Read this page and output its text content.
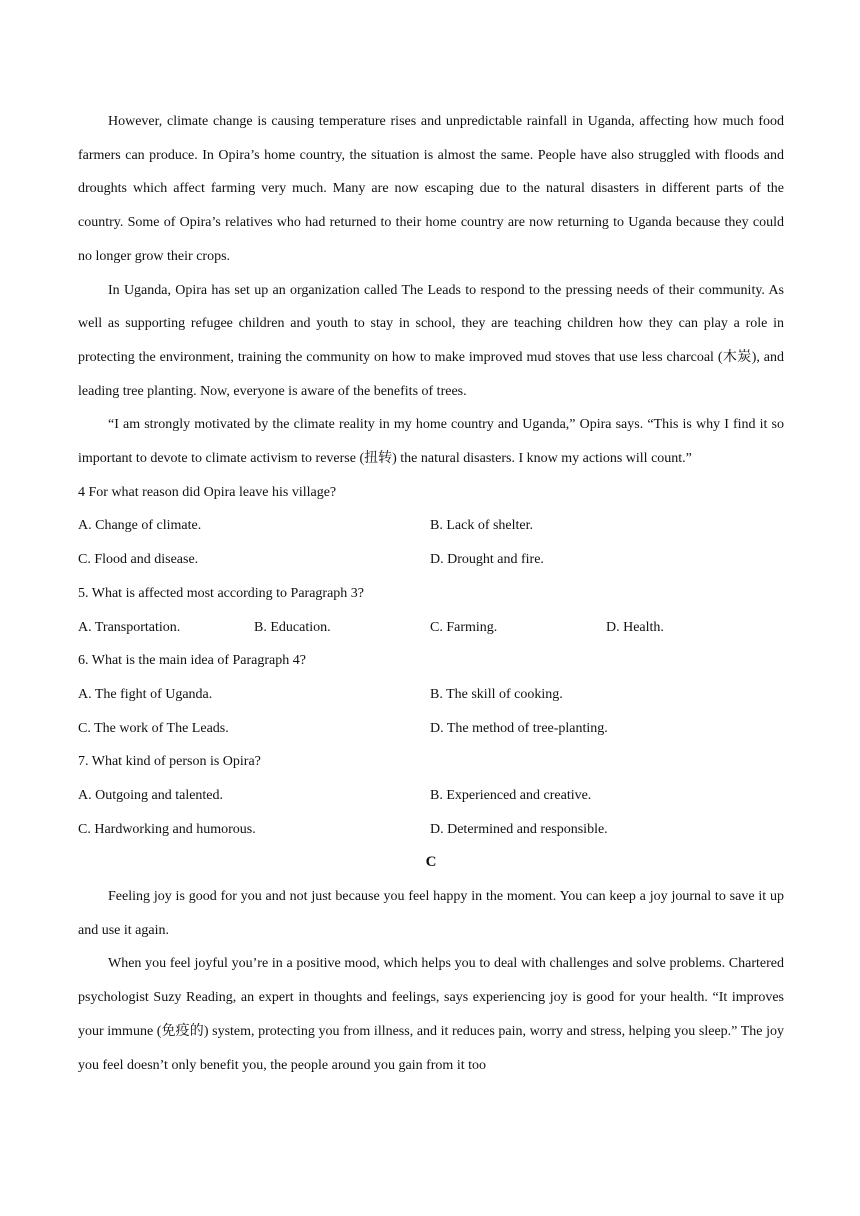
However, climate change is causing temperature rises and unpredictable rainfall in Uganda, affecting how much food farmers can produce. In Opira’s home country, the situation is almost the same. People have also struggled with floods and droughts which affect farming very much. Many are now escaping due to the natural disasters in different parts of the country. Some of Opira’s relatives who had returned to their home country are now returning to Uganda because they could no longer grow their crops.

In Uganda, Opira has set up an organization called The Leads to respond to the pressing needs of their community. As well as supporting refugee children and youth to stay in school, they are teaching children how they can play a role in protecting the environment, training the community on how to make improved mud stoves that use less charcoal (木炭), and leading tree planting. Now, everyone is aware of the benefits of trees.

“I am strongly motivated by the climate reality in my home country and Uganda,” Opira says. “This is why I find it so important to devote to climate activism to reverse (扭转) the natural disasters. I know my actions will count.”

4 For what reason did Opira leave his village?

A. Change of climate.	B. Lack of shelter.
C. Flood and disease.	D. Drought and fire.

5. What is affected most according to Paragraph 3?

A. Transportation.	B. Education.	C. Farming.	D. Health.

6. What is the main idea of Paragraph 4?

A. The fight of Uganda.	B. The skill of cooking.
C. The work of The Leads.	D. The method of tree-planting.

7. What kind of person is Opira?

A. Outgoing and talented.	B. Experienced and creative.
C. Hardworking and humorous.	D. Determined and responsible.

C

Feeling joy is good for you and not just because you feel happy in the moment. You can keep a joy journal to save it up and use it again.

When you feel joyful you’re in a positive mood, which helps you to deal with challenges and solve problems. Chartered psychologist Suzy Reading, an expert in thoughts and feelings, says experiencing joy is good for your health. “It improves your immune (免疫的) system, protecting you from illness, and it reduces pain, worry and stress, helping you sleep.” The joy you feel doesn’t only benefit you, the people around you gain from it too
